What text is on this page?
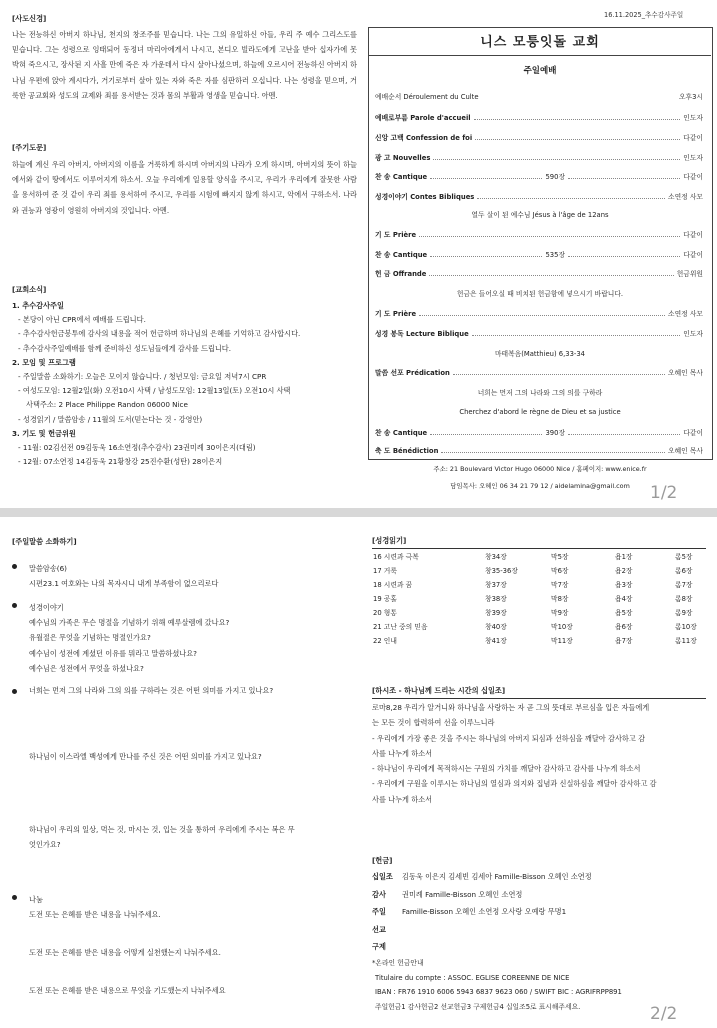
16.11.2025_추수감사주일
[사도신경]
나는 전능하신 아버지 하나님, 천지의 창조주를 믿습니다. 나는 그의 유일하신 아들, 우리 주 예수 그리스도를 믿습니다. 그는 성령으로 잉태되어 동정녀 마리아에게서 나시고, 본디오 빌라도에게 고난을 받아 십자가에 못 박혀 죽으시고, 장사된 지 사흘 만에 죽은 자 가운데서 다시 살아나셨으며, 하늘에 오르시어 전능하신 아버지 하나님 우편에 앉아 계시다가, 거기로부터 살아 있는 자와 죽은 자를 심판하러 오십니다. 나는 성령을 믿으며, 거룩한 공교회와 성도의 교제와 죄를 용서받는 것과 몸의 부활과 영생을 믿습니다. 아멘.
[주기도문]
하늘에 계신 우리 아버지, 아버지의 이름을 거룩하게 하시며 아버지의 나라가 오게 하시며, 아버지의 뜻이 하늘에서와 같이 땅에서도 이루어지게 하소서. 오늘 우리에게 일용할 양식을 주시고, 우리가 우리에게 잘못한 사람을 용서하여 준 것 같이 우리 죄를 용서하여 주시고, 우리를 시험에 빠지지 않게 하시고, 악에서 구하소서. 나라와 권능과 영광이 영원히 아버지의 것입니다. 아멘.
[교회소식]
1. 추수감사주일
- 본당이 아닌 CPR에서 예배를 드립니다.
- 추수감사헌금봉투에 감사의 내용을 적어 헌금하며 하나님의 은혜를 기억하고 감사합시다.
- 추수감사주일예배를 함께 준비하신 성도님들에게 감사를 드립니다.
2. 모임 및 프로그램
- 주일말씀 소화하기: 오늘은 모이지 않습니다. / 청년모임: 금요일 저녁7시 CPR
- 여성도모임: 12월2일(화) 오전10시 사택 / 남성도모임: 12월13일(토) 오전10시 사택
사택주소: 2 Place Philippe Randon 06000 Nice
- 성경읽기 / 말씀암송 / 11월의 도서(믿는다는 것 - 강영안)
3. 기도 및 헌금위원
- 11월: 02김선전 09김동욱 16소연정(추수감사) 23권미례 30이은지(대림)
- 12월: 07소연정 14김동욱 21황창강 25진수환(성탄) 28이은지
니스 모퉁잇돌 교회
주일예배
예배순서 Déroulement du Culte	오후3시
예배로부름 Parole d'accueil	인도자
신앙 고백 Confession de foi	다같이
광 고 Nouvelles	인도자
찬 송 Cantique	590장	다같이
성경이야기 Contes Bibliques	소연정 사모
열두 살이 된 예수님 Jésus à l'âge de 12ans
기 도 Prière	다같이
찬 송 Cantique	535장	다같이
헌 금 Offrande	헌금위원
헌금은 들어오실 때 비치된 헌금함에 넣으시기 바랍니다.
기 도 Prière	소연정 사모
성경 봉독 Lecture Biblique	인도자
마태복음(Matthieu) 6,33-34
말씀 선포 Prédication	오혜인 목사
너희는 먼저 그의 나라와 그의 의를 구하라
Cherchez d'abord le règne de Dieu et sa justice
찬 송 Cantique	390장	다같이
축 도 Bénédiction	오혜인 목사
주소: 21 Boulevard Victor Hugo 06000 Nice / 홈페이지: www.enice.fr
담임목사: 오혜인 06 34 21 79 12 / aidelamina@gmail.com	1/2
[주일말씀 소화하기]
말씀암송(6)
시편23.1 여호와는 나의 목자시니 내게 부족함이 없으리로다
성경이야기
예수님의 가족은 무슨 명절을 기념하기 위해 예루살렘에 갔나요?
유월절은 무엇을 기념하는 명절인가요?
예수님이 성전에 계셨던 이유를 뭐라고 말씀하셨나요?
예수님은 성전에서 무엇을 하셨나요?
너희는 먼저 그의 나라와 그의 의를 구하라는 것은 어떤 의미를 가지고 있나요?
하나님이 이스라엘 백성에게 만나를 주신 것은 어떤 의미를 가지고 있나요?
하나님이 우리의 일상, 먹는 것, 마시는 것, 입는 것을 통하여 우리에게 주시는 복은 무
엇인가요?
나눔
도전 또는 은혜를 받은 내용을 나눠주세요.
도전 또는 은혜를 받은 내용을 어떻게 실천했는지 나눠주세요.
도전 또는 은혜를 받은 내용으로 무엇을 기도했는지 나눠주세요
[성경읽기]
16 시련과 극복	창34장	막5장	욥1장	롬5장
17 거룩	창35-36장	막6장	욥2장	롬6장
18 시련과 꿈	창37장	막7장	욥3장	롬7장
19 공홀	창38장	막8장	욥4장	롬8장
20 형통	창39장	막9장	욥5장	롬9장
21 고난 중의 믿음	창40장	막10장	욥6장	롬10장
22 인내	창41장	막11장	욥7장	롬11장
[하시조 - 하나님께 드리는 시간의 십일조]
로마8,28 우리가 알거니와 하나님을 사랑하는 자 곧 그의 뜻대로 부르심을 입은 자들에게
는 모든 것이 합력하여 선을 이루느니라
- 우리에게 가장 좋은 것을 주시는 하나님의 아버지 되심과 선하심을 깨달아 감사하고 감
사를 나누게 하소서
- 하나님이 우리에게 목적하시는 구원의 가치를 깨달아 감사하고 감사를 나누게 하소서
- 우리에게 구원을 이루시는 하나님의 열심과 의지와 집념과 신실하심을 깨달아 감사하고 감
사를 나누게 하소서
[헌금]
십일조 김동욱 이은지 김세빈 김세아 Famille-Bisson 오혜인 소연정
감사 권미례 Famille-Bisson 오혜인 소연정
주일 Famille-Bisson 오혜인 소연정 오사랑 오예랑 무명1
선교
구제
*온라인 헌금안내
Titulaire du compte : ASSOC. EGLISE COREENNE DE NICE
IBAN : FR76 1910 6006 5943 6837 9623 060 / SWIFT BIC : AGRIFRPP891
주일헌금1 감사헌금2 선교헌금3 구제헌금4 십일조5로 표시해주세요.	2/2
